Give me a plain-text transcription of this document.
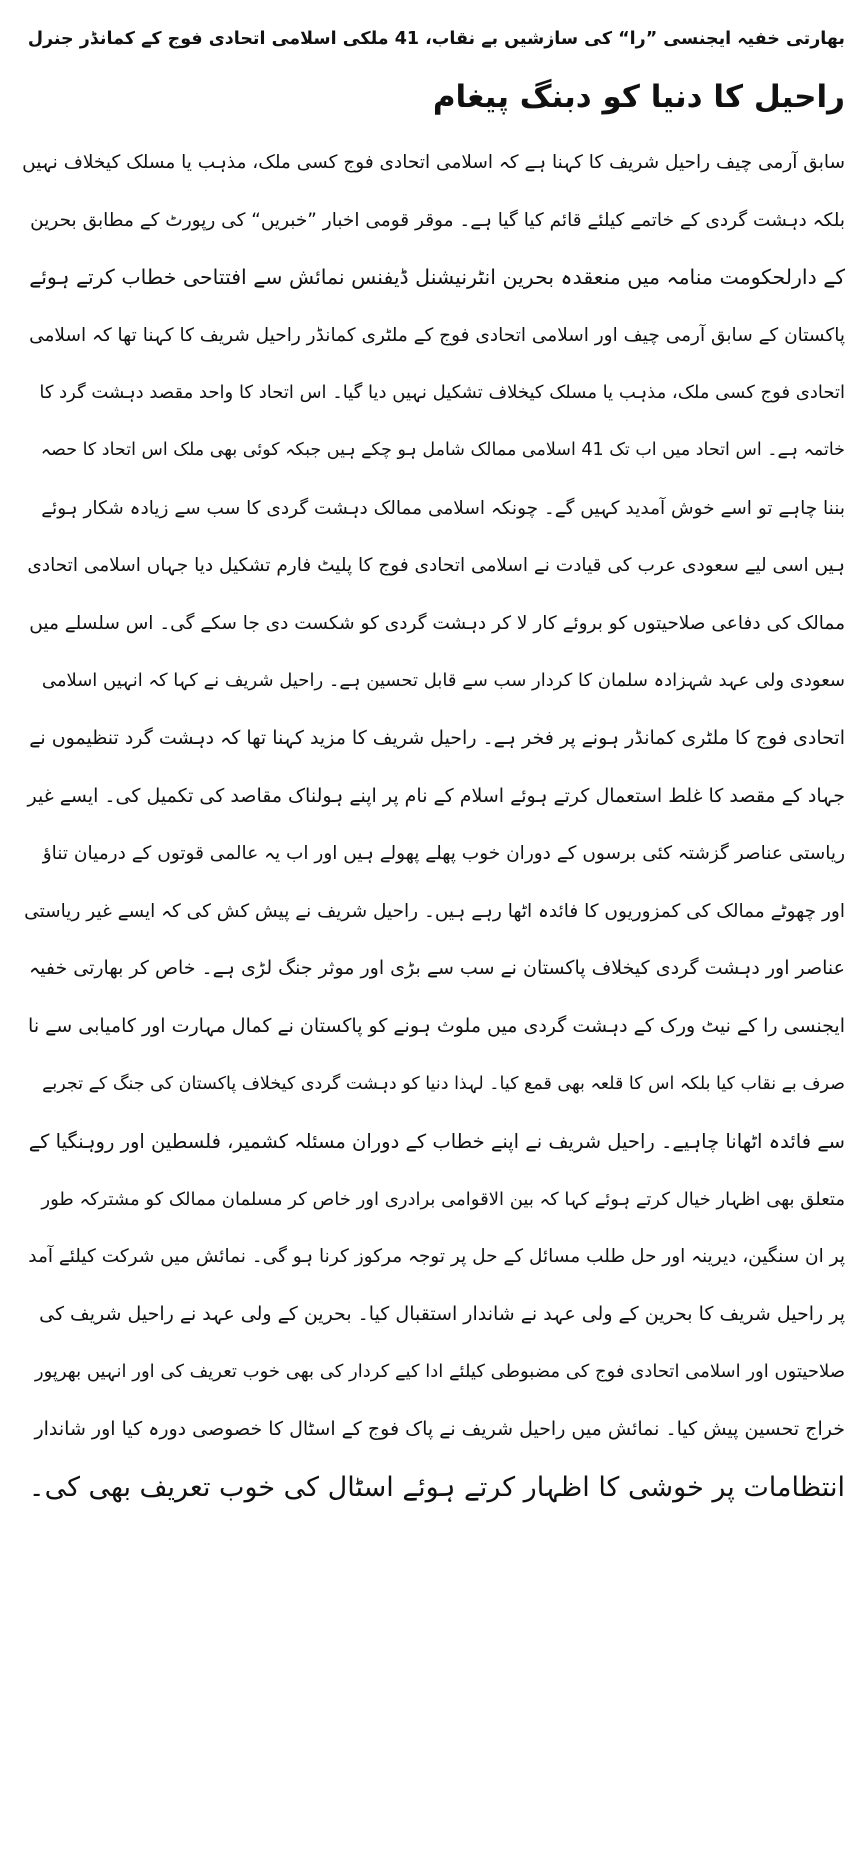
بھارتی خفیہ ایجنسی ”را“ کی سازشیں بے نقاب، 41 ملکی اسلامی اتحادی فوج کے کمانڈر جنرل
راحیل کا دنیا کو دبنگ پیغام
سابق آرمی چیف راحیل شریف کا کہنا ہے کہ اسلامی اتحادی فوج کسی ملک، مذہب یا مسلک کیخلاف نہیں
بلکہ دہشت گردی کے خاتمے کیلئے قائم کیا گیا ہے۔ موقر قومی اخبار ”خبریں“ کی رپورٹ کے مطابق بحرین
کے دارلحکومت منامہ میں منعقدہ بحرین انٹرنیشنل ڈیفنس نمائش سے افتتاحی خطاب کرتے ہوئے
پاکستان کے سابق آرمی چیف اور اسلامی اتحادی فوج کے ملٹری کمانڈر راحیل شریف کا کہنا تھا کہ اسلامی
اتحادی فوج کسی ملک، مذہب یا مسلک کیخلاف تشکیل نہیں دیا گیا۔ اس اتحاد کا واحد مقصد دہشت گرد کا
خاتمہ ہے۔ اس اتحاد میں اب تک 41 اسلامی ممالک شامل ہو چکے ہیں جبکہ کوئی بھی ملک اس اتحاد کا حصہ
بننا چاہے تو اسے خوش آمدید کہیں گے۔ چونکہ اسلامی ممالک دہشت گردی کا سب سے زیادہ شکار ہوئے
ہیں اسی لیے سعودی عرب کی قیادت نے اسلامی اتحادی فوج کا پلیٹ فارم تشکیل دیا جہاں اسلامی اتحادی
ممالک کی دفاعی صلاحیتوں کو بروئے کار لا کر دہشت گردی کو شکست دی جا سکے گی۔ اس سلسلے میں
سعودی ولی عہد شہزادہ سلمان کا کردار سب سے قابل تحسین ہے۔ راحیل شریف نے کہا کہ انہیں اسلامی
اتحادی فوج کا ملٹری کمانڈر ہونے پر فخر ہے۔ راحیل شریف کا مزید کہنا تھا کہ دہشت گرد تنظیموں نے
جہاد کے مقصد کا غلط استعمال کرتے ہوئے اسلام کے نام پر اپنے ہولناک مقاصد کی تکمیل کی۔ ایسے غیر
ریاستی عناصر گزشتہ کئی برسوں کے دوران خوب پھلے پھولے ہیں اور اب یہ عالمی قوتوں کے درمیان تناؤ
اور چھوٹے ممالک کی کمزوریوں کا فائدہ اٹھا رہے ہیں۔ راحیل شریف نے پیش کش کی کہ ایسے غیر ریاستی
عناصر اور دہشت گردی کیخلاف پاکستان نے سب سے بڑی اور موثر جنگ لڑی ہے۔ خاص کر بھارتی خفیہ
ایجنسی را کے نیٹ ورک کے دہشت گردی میں ملوث ہونے کو پاکستان نے کمال مہارت اور کامیابی سے نا
صرف بے نقاب کیا بلکہ اس کا قلعہ بھی قمع کیا۔ لہذا دنیا کو دہشت گردی کیخلاف پاکستان کی جنگ کے تجربے
سے فائدہ اٹھانا چاہیے۔ راحیل شریف نے اپنے خطاب کے دوران مسئلہ کشمیر، فلسطین اور روہنگیا کے
متعلق بھی اظہار خیال کرتے ہوئے کہا کہ بین الاقوامی برادری اور خاص کر مسلمان ممالک کو مشترکہ طور
پر ان سنگین، دیرینہ اور حل طلب مسائل کے حل پر توجہ مرکوز کرنا ہو گی۔ نمائش میں شرکت کیلئے آمد
پر راحیل شریف کا بحرین کے ولی عہد نے شاندار استقبال کیا۔ بحرین کے ولی عہد نے راحیل شریف کی
صلاحیتوں اور اسلامی اتحادی فوج کی مضبوطی کیلئے ادا کیے کردار کی بھی خوب تعریف کی اور انہیں بھرپور
خراج تحسین پیش کیا۔ نمائش میں راحیل شریف نے پاک فوج کے اسٹال کا خصوصی دورہ کیا اور شاندار
انتظامات پر خوشی کا اظہار کرتے ہوئے اسٹال کی خوب تعریف بھی کی۔
